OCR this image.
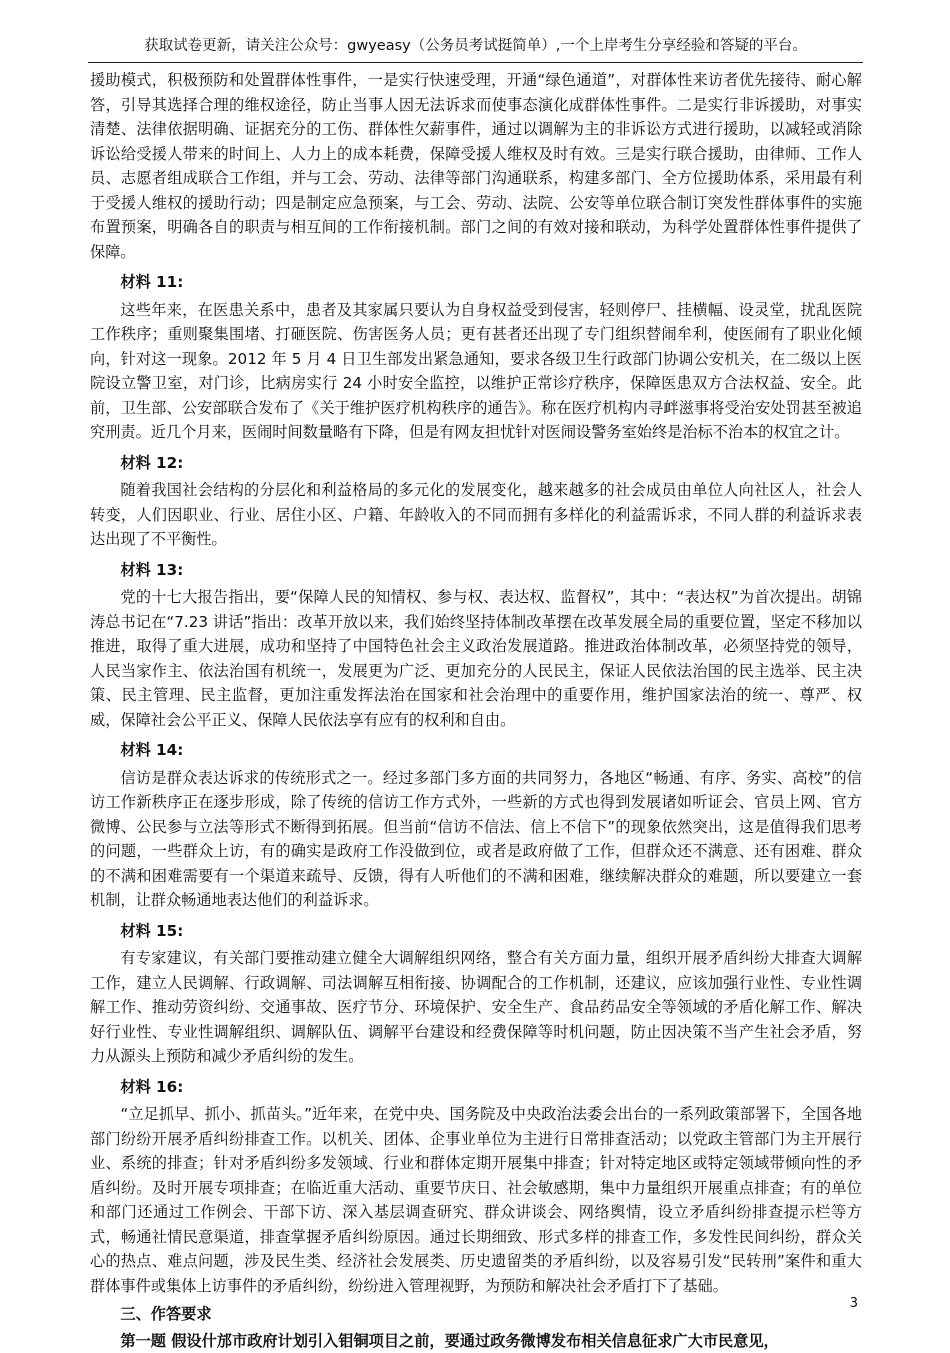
获取试卷更新，请关注公众号：gwyeasy（公务员考试挺简单）,一个上岸考生分享经验和答疑的平台。

援助模式，积极预防和处置群体性事件，一是实行快速受理，开通“绿色通道”，对群体性来访者优先接待、耐心解答，引导其选择合理的维权途径，防止当事人因无法诉求而使事态演化成群体性事件。二是实行非诉援助，对事实清楚、法律依据明确、证据充分的工伤、群体性欠薪事件，通过以调解为主的非诉讼方式进行援助，以减轻或消除诉讼给受援人带来的时间上、人力上的成本耗费，保障受援人维权及时有效。三是实行联合援助，由律师、工作人员、志愿者组成联合工作组，并与工会、劳动、法律等部门沟通联系，构建多部门、全方位援助体系，采用最有利于受援人维权的援助行动；四是制定应急预案，与工会、劳动、法院、公安等单位联合制订突发性群体事件的实施布置预案，明确各自的职责与相互间的工作衔接机制。部门之间的有效对接和联动，为科学处置群体性事件提供了保障。

材料 11:

这些年来，在医患关系中，患者及其家属只要认为自身权益受到侵害，轻则停尸、挂横幅、设灵堂，扰乱医院工作秩序；重则聚集围堵、打砸医院、伤害医务人员；更有甚者还出现了专门组织替闹牟利，使医闹有了职业化倾向，针对这一现象。2012 年 5 月 4 日卫生部发出紧急通知，要求各级卫生行政部门协调公安机关，在二级以上医院设立警卫室，对门诊，比病房实行 24 小时安全监控，以维护正常诊疗秩序，保障医患双方合法权益、安全。此前，卫生部、公安部联合发布了《关于维护医疗机构秩序的通告》。称在医疗机构内寻衅滋事将受治安处罚甚至被追究刑责。近几个月来，医闹时间数量略有下降，但是有网友担忧针对医闹设警务室始终是治标不治本的权宜之计。

材料 12:

随着我国社会结构的分层化和利益格局的多元化的发展变化，越来越多的社会成员由单位人向社区人，社会人转变，人们因职业、行业、居住小区、户籍、年龄收入的不同而拥有多样化的利益需诉求，不同人群的利益诉求表达出现了不平衡性。

材料 13:

党的十七大报告指出，要“保障人民的知情权、参与权、表达权、监督权”，其中：“表达权”为首次提出。胡锦涛总书记在“7.23 讲话”指出：改革开放以来，我们始终坚持体制改革摆在改革发展全局的重要位置，坚定不移加以推进，取得了重大进展，成功和坚持了中国特色社会主义政治发展道路。推进政治体制改革，必须坚持党的领导，人民当家作主、依法治国有机统一，发展更为广泛、更加充分的人民民主，保证人民依法治国的民主选举、民主决策、民主管理、民主监督，更加注重发挥法治在国家和社会治理中的重要作用，维护国家法治的统一、尊严、权威，保障社会公平正义、保障人民依法享有应有的权利和自由。

材料 14:

信访是群众表达诉求的传统形式之一。经过多部门多方面的共同努力，各地区“畅通、有序、务实、高校”的信访工作新秩序正在逐步形成，除了传统的信访工作方式外，一些新的方式也得到发展诸如听证会、官员上网、官方微博、公民参与立法等形式不断得到拓展。但当前“信访不信法、信上不信下”的现象依然突出，这是值得我们思考的问题，一些群众上访，有的确实是政府工作没做到位，或者是政府做了工作，但群众还不满意、还有困难、群众的不满和困难需要有一个渠道来疏导、反馈，得有人听他们的不满和困难，继续解决群众的难题，所以要建立一套机制，让群众畅通地表达他们的利益诉求。

材料 15:

有专家建议，有关部门要推动建立健全大调解组织网络，整合有关方面力量，组织开展矛盾纠纷大排查大调解工作，建立人民调解、行政调解、司法调解互相衔接、协调配合的工作机制，还建议，应该加强行业性、专业性调解工作、推动劳资纠纷、交通事故、医疗节分、环境保护、安全生产、食品药品安全等领域的矛盾化解工作、解决好行业性、专业性调解组织、调解队伍、调解平台建设和经费保障等时机问题，防止因决策不当产生社会矛盾，努力从源头上预防和减少矛盾纠纷的发生。

材料 16:

“立足抓早、抓小、抓苗头。”近年来，在党中央、国务院及中央政治法委会出台的一系列政策部署下，全国各地部门纷纷开展矛盾纠纷排查工作。以机关、团体、企事业单位为主进行日常排查活动；以党政主管部门为主开展行业、系统的排查；针对矛盾纠纷多发领域、行业和群体定期开展集中排查；针对特定地区或特定领域带倾向性的矛盾纠纷。及时开展专项排查；在临近重大活动、重要节庆日、社会敏感期，集中力量组织开展重点排查；有的单位和部门还通过工作例会、干部下访、深入基层调查研究、群众讲谈会、网络舆情，设立矛盾纠纷排查提示栏等方式，畅通社情民意渠道，排查掌握矛盾纠纷原因。通过长期细致、形式多样的排查工作，多发性民间纠纷，群众关心的热点、难点问题，涉及民生类、经济社会发展类、历史遗留类的矛盾纠纷，以及容易引发“民转刑”案件和重大群体事件或集体上访事件的矛盾纠纷，纷纷进入管理视野，为预防和解决社会矛盾打下了基础。

三、作答要求

第一题 假设什邡市政府计划引入钼铜项目之前，要通过政务微博发布相关信息征求广大市民意见，

3
